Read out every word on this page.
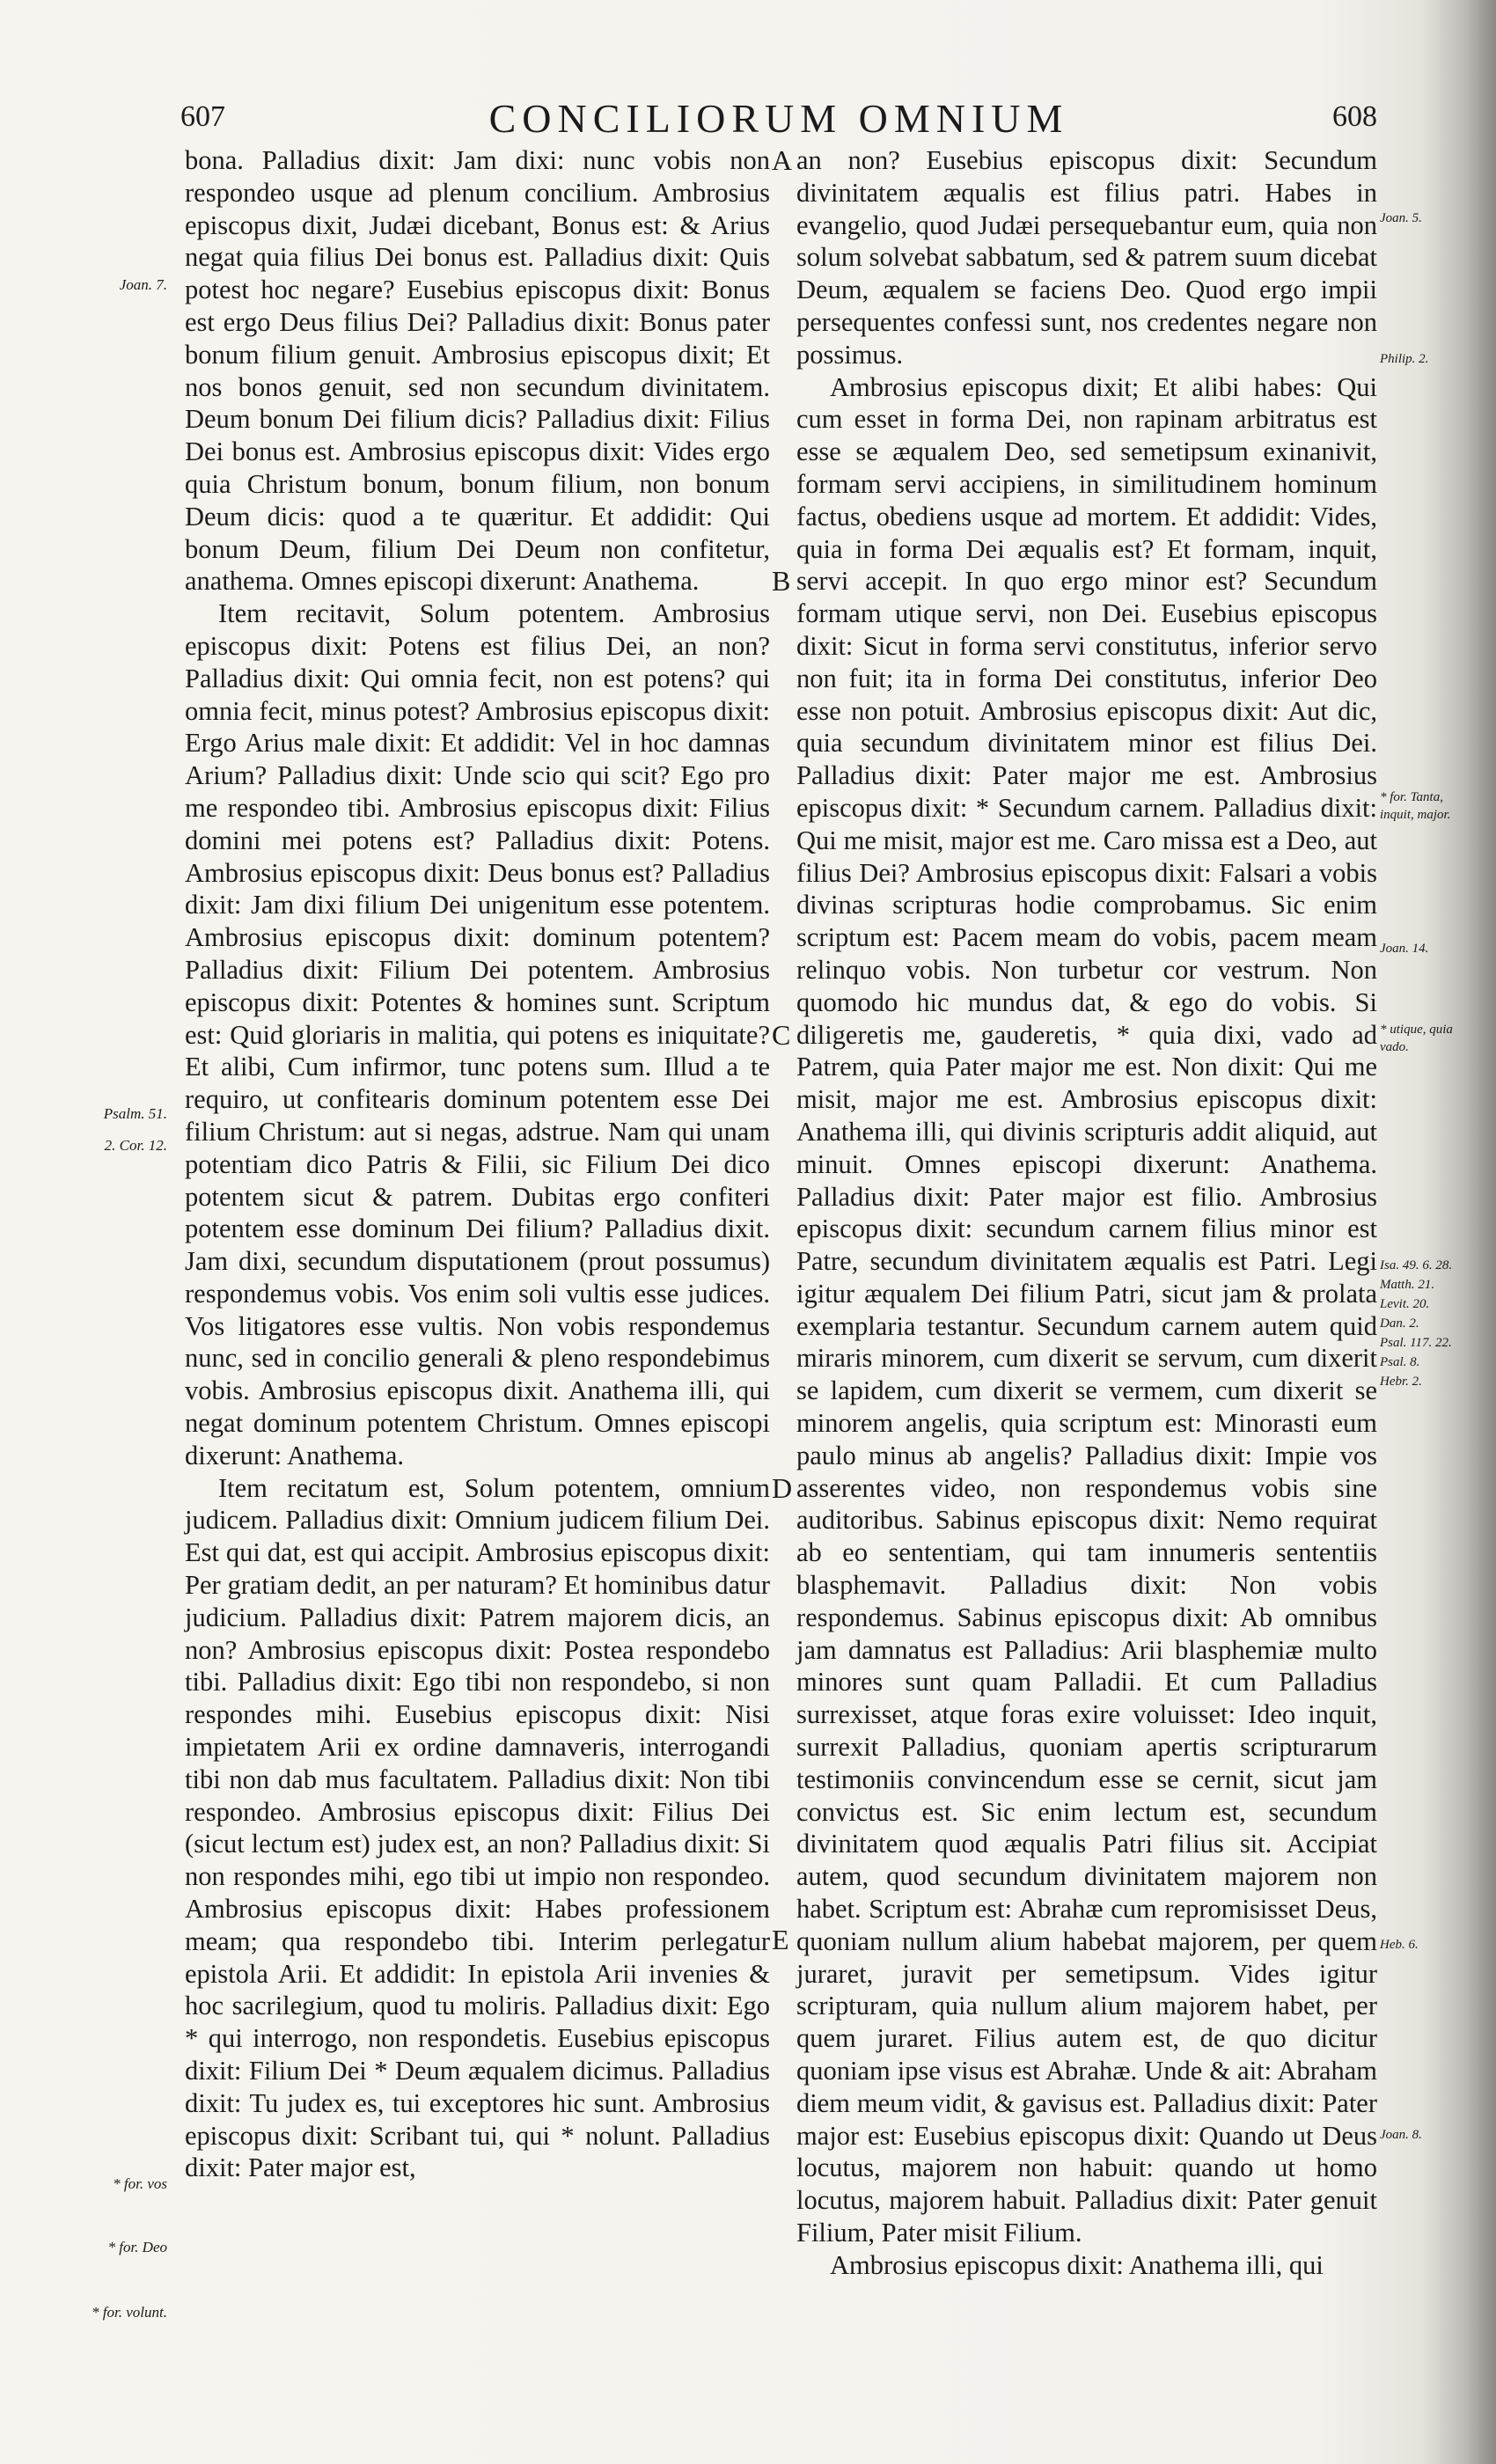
607	CONCILIORUM OMNIUM	608

bona. Palladius dixit: Jam dixi: nunc vobis non respondeo usque ad plenum concilium. Ambrosius episcopus dixit, Judæi dicebant, Bonus est: & Arius negat quia filius Dei bonus est. Palladius dixit: Quis potest hoc negare? Eusebius episcopus dixit: Bonus est ergo Deus filius Dei? Palladius dixit: Bonus pater bonum filium genuit. Ambrosius episcopus dixit; Et nos bonos genuit, sed non secundum divinitatem. Deum bonum Dei filium dicis? Palladius dixit: Filius Dei bonus est. Ambrosius episcopus dixit: Vides ergo quia Christum bonum, bonum filium, non bonum Deum dicis: quod a te quæritur. Et addidit: Qui bonum Deum, filium Dei Deum non confitetur, anathema. Omnes episcopi dixerunt: Anathema.

Item recitavit, Solum potentem. Ambrosius episcopus dixit: Potens est filius Dei, an non? Palladius dixit: Qui omnia fecit, non est potens? qui omnia fecit, minus potest? Ambrosius episcopus dixit: Ergo Arius male dixit: Et addidit: Vel in hoc damnas Arium? Palladius dixit: Unde scio qui scit? Ego pro me respondeo tibi. Ambrosius episcopus dixit: Filius domini mei potens est? Palladius dixit: Potens. Ambrosius episcopus dixit: Deus bonus est? Palladius dixit: Jam dixi filium Dei unigenitum esse potentem. Ambrosius episcopus dixit: dominum potentem? Palladius dixit: Filium Dei potentem. Ambrosius episcopus dixit: Potentes & homines sunt. Scriptum est: Quid gloriaris in malitia, qui potens es iniquitate? Et alibi, Cum infirmor, tunc potens sum. Illud a te requiro, ut confitearis dominum potentem esse Dei filium Christum: aut si negas, adstrue. Nam qui unam potentiam dico Patris & Filii, sic Filium Dei dico potentem sicut & patrem. Dubitas ergo confiteri potentem esse dominum Dei filium? Palladius dixit. Jam dixi, secundum disputationem (prout possumus) respondemus vobis. Vos enim soli vultis esse judices. Vos litigatores esse vultis. Non vobis respondemus nunc, sed in concilio generali & pleno respondebimus vobis. Ambrosius episcopus dixit. Anathema illi, qui negat dominum potentem Christum. Omnes episcopi dixerunt: Anathema.

Item recitatum est, Solum potentem, omnium judicem. Palladius dixit: Omnium judicem filium Dei. Est qui dat, est qui accipit. Ambrosius episcopus dixit: Per gratiam dedit, an per naturam? Et hominibus datur judicium. Palladius dixit: Patrem majorem dicis, an non? Ambrosius episcopus dixit: Postea respondebo tibi. Palladius dixit: Ego tibi non respondebo, si non respondes mihi. Eusebius episcopus dixit: Nisi impietatem Arii ex ordine damnaveris, interrogandi tibi non dab mus facultatem. Palladius dixit: Non tibi respondeo. Ambrosius episcopus dixit: Filius Dei (sicut lectum est) judex est, an non? Palladius dixit: Si non respondes mihi, ego tibi ut impio non respondeo. Ambrosius episcopus dixit: Habes professionem meam; qua respondebo tibi. Interim perlegatur epistola Arii. Et addidit: In epistola Arii invenies & hoc sacrilegium, quod tu moliris. Palladius dixit: Ego * qui interrogo, non respondetis. Eusebius episcopus dixit: Filium Dei * Deum æqualem dicimus. Palladius dixit: Tu judex es, tui exceptores hic sunt. Ambrosius episcopus dixit: Scribant tui, qui * nolunt. Palladius dixit: Pater major est,

an non? Eusebius episcopus dixit: Secundum divinitatem æqualis est filius patri. Habes in evangelio, quod Judæi persequebantur eum, quia non solum solvebat sabbatum, sed & patrem suum dicebat Deum, æqualem se faciens Deo. Quod ergo impii persequentes confessi sunt, nos credentes negare non possimus.

Ambrosius episcopus dixit; Et alibi habes: Qui cum esset in forma Dei, non rapinam arbitratus est esse se æqualem Deo, sed semetipsum exinanivit, formam servi accipiens, in similitudinem hominum factus, obediens usque ad mortem. Et addidit: Vides, quia in forma Dei æqualis est? Et formam, inquit, servi accepit. In quo ergo minor est? Secundum formam utique servi, non Dei. Eusebius episcopus dixit: Sicut in forma servi constitutus, inferior servo non fuit; ita in forma Dei constitutus, inferior Deo esse non potuit. Ambrosius episcopus dixit: Aut dic, quia secundum divinitatem minor est filius Dei. Palladius dixit: Pater major me est. Ambrosius episcopus dixit: * Secundum carnem. Palladius dixit: Qui me misit, major est me. Caro missa est a Deo, aut filius Dei? Ambrosius episcopus dixit: Falsari a vobis divinas scripturas hodie comprobamus. Sic enim scriptum est: Pacem meam do vobis, pacem meam relinquo vobis. Non turbetur cor vestrum. Non quomodo hic mundus dat, & ego do vobis. Si diligeretis me, gauderetis, * quia dixi, vado ad Patrem, quia Pater major me est. Non dixit: Qui me misit, major me est. Ambrosius episcopus dixit: Anathema illi, qui divinis scripturis addit aliquid, aut minuit. Omnes episcopi dixerunt: Anathema. Palladius dixit: Pater major est filio. Ambrosius episcopus dixit: secundum carnem filius minor est Patre, secundum divinitatem æqualis est Patri. Legi igitur æqualem Dei filium Patri, sicut jam & prolata exemplaria testantur. Secundum carnem autem quid miraris minorem, cum dixerit se servum, cum dixerit se lapidem, cum dixerit se vermem, cum dixerit se minorem angelis, quia scriptum est: Minorasti eum paulo minus ab angelis? Palladius dixit: Impie vos asserentes video, non respondemus vobis sine auditoribus. Sabinus episcopus dixit: Nemo requirat ab eo sententiam, qui tam innumeris sententiis blasphemavit. Palladius dixit: Non vobis respondemus. Sabinus episcopus dixit: Ab omnibus jam damnatus est Palladius: Arii blasphemiæ multo minores sunt quam Palladii. Et cum Palladius surrexisset, atque foras exire voluisset: Ideo inquit, surrexit Palladius, quoniam apertis scripturarum testimoniis convincendum esse se cernit, sicut jam convictus est. Sic enim lectum est, secundum divinitatem quod æqualis Patri filius sit. Accipiat autem, quod secundum divinitatem majorem non habet. Scriptum est: Abrahæ cum repromisisset Deus, quoniam nullum alium habebat majorem, per quem juraret, juravit per semetipsum. Vides igitur scripturam, quia nullum alium majorem habet, per quem juraret. Filius autem est, de quo dicitur quoniam ipse visus est Abrahæ. Unde & ait: Abraham diem meum vidit, & gavisus est. Palladius dixit: Pater major est: Eusebius episcopus dixit: Quando ut Deus locutus, majorem non habuit: quando ut homo locutus, majorem habuit. Palladius dixit: Pater genuit Filium, Pater misit Filium.

Ambrosius episcopus dixit: Anathema illi, qui

A
B
C
D
E
Joan. 7.
Psalm. 51.
2. Cor. 12.
* for. vos
* for. Deo
* for. volunt.
Joan. 5.
Philip. 2.
* for. Tanta, inquit, major.
Joan. 14.
* utique, quia vado.
Isa. 49. 6. 28.
Matth. 21.
Levit. 20.
Dan. 2.
Psal. 117. 22.
Psal. 8.
Hebr. 2.
Heb. 6.
Joan. 8.
